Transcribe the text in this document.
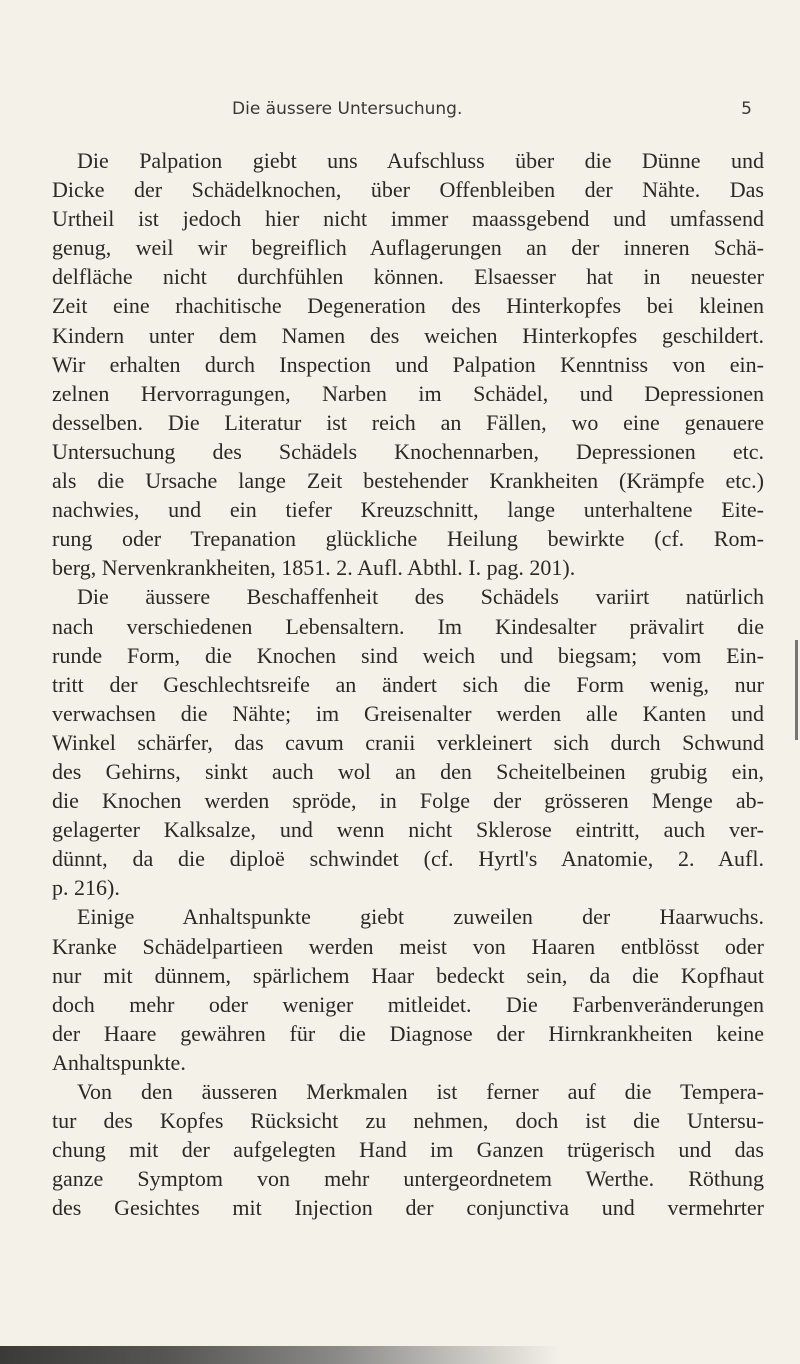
Die äussere Untersuchung.	5
Die Palpation giebt uns Aufschluss über die Dünne und
Dicke der Schädelknochen, über Offenbleiben der Nähte. Das
Urtheil ist jedoch hier nicht immer maassgebend und umfassend
genug, weil wir begreiflich Auflagerungen an der inneren Schä-
delfläche nicht durchfühlen können. Elsaesser hat in neuester
Zeit eine rhachitische Degeneration des Hinterkopfes bei kleinen
Kindern unter dem Namen des weichen Hinterkopfes geschildert.
Wir erhalten durch Inspection und Palpation Kenntniss von ein-
zelnen Hervorragungen, Narben im Schädel, und Depressionen
desselben. Die Literatur ist reich an Fällen, wo eine genauere
Untersuchung des Schädels Knochennarben, Depressionen etc.
als die Ursache lange Zeit bestehender Krankheiten (Krämpfe etc.)
nachwies, und ein tiefer Kreuzschnitt, lange unterhaltene Eite-
rung oder Trepanation glückliche Heilung bewirkte (cf. Rom-
berg, Nervenkrankheiten, 1851. 2. Aufl. Abthl. I. pag. 201).
Die äussere Beschaffenheit des Schädels variirt natürlich
nach verschiedenen Lebensaltern. Im Kindesalter prävalirt die
runde Form, die Knochen sind weich und biegsam; vom Ein-
tritt der Geschlechtsreife an ändert sich die Form wenig, nur
verwachsen die Nähte; im Greisenalter werden alle Kanten und
Winkel schärfer, das cavum cranii verkleinert sich durch Schwund
des Gehirns, sinkt auch wol an den Scheitelbeinen grubig ein,
die Knochen werden spröde, in Folge der grösseren Menge ab-
gelagerter Kalksalze, und wenn nicht Sklerose eintritt, auch ver-
dünnt, da die diploë schwindet (cf. Hyrtl's Anatomie, 2. Aufl.
p. 216).
Einige Anhaltspunkte giebt zuweilen der Haarwuchs.
Kranke Schädelpartieen werden meist von Haaren entblösst oder
nur mit dünnem, spärlichem Haar bedeckt sein, da die Kopfhaut
doch mehr oder weniger mitleidet. Die Farbenveränderungen
der Haare gewähren für die Diagnose der Hirnkrankheiten keine
Anhaltspunkte.
Von den äusseren Merkmalen ist ferner auf die Tempera-
tur des Kopfes Rücksicht zu nehmen, doch ist die Untersu-
chung mit der aufgelegten Hand im Ganzen trügerisch und das
ganze Symptom von mehr untergeordnetem Werthe. Röthung
des Gesichtes mit Injection der conjunctiva und vermehrter
